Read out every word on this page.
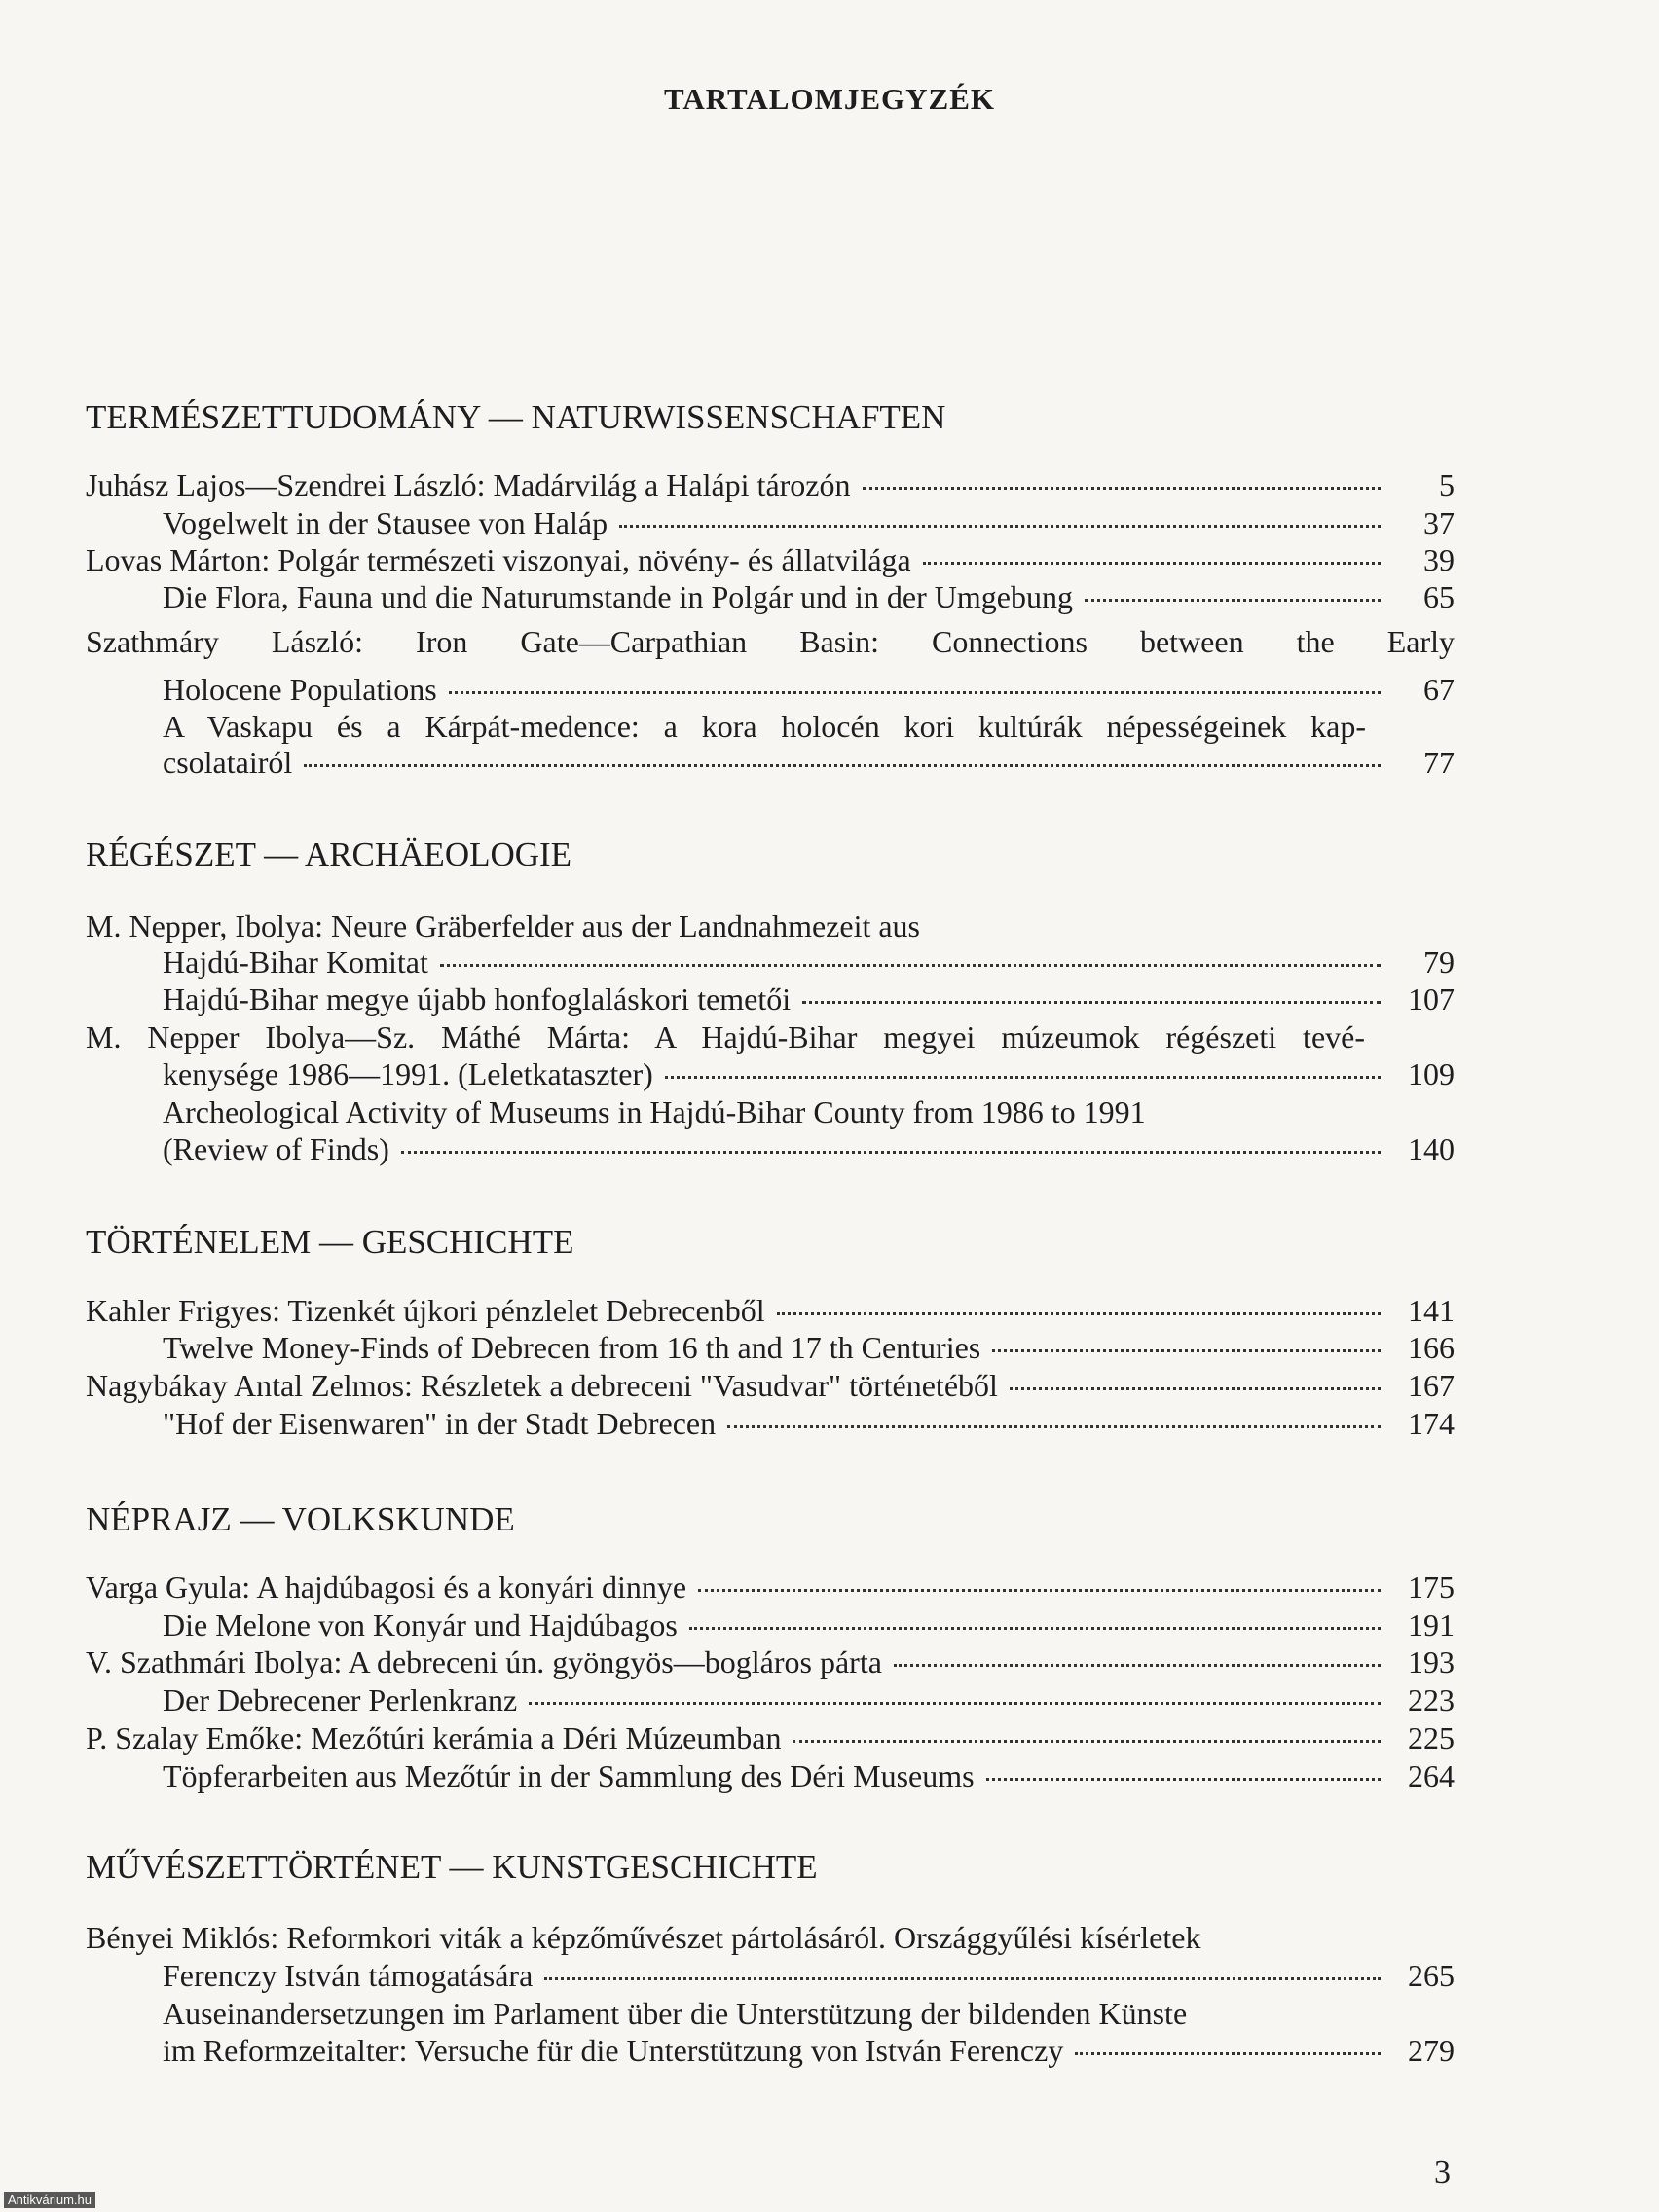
TARTALOMJEGYZÉK
TERMÉSZETTUDOMÁNY — NATURWISSENSCHAFTEN
Juhász Lajos—Szendrei László: Madárvilág a Halápi tározón	5
Vogelwelt in der Stausee von Haláp	37
Lovas Márton: Polgár természeti viszonyai, növény- és állatvilága	39
Die Flora, Fauna und die Naturumstande in Polgár und in der Umgebung	65
Szathmáry László: Iron Gate—Carpathian Basin: Connections between the Early
Holocene Populations	67
A Vaskapu és a Kárpát-medence: a kora holocén kori kultúrák népességeinek kap-
csolatairól	77
RÉGÉSZET — ARCHÄEOLOGIE
M. Nepper, Ibolya: Neure Gräberfelder aus der Landnahmezeit aus
Hajdú-Bihar Komitat	79
Hajdú-Bihar megye újabb honfoglaláskori temetői	107
M. Nepper Ibolya—Sz. Máthé Márta: A Hajdú-Bihar megyei múzeumok régészeti tevé-
kenysége 1986—1991. (Leletkataszter)	109
Archeological Activity of Museums in Hajdú-Bihar County from 1986 to 1991
(Review of Finds)	140
TÖRTÉNELEM — GESCHICHTE
Kahler Frigyes: Tizenkét újkori pénzlelet Debrecenből	141
Twelve Money-Finds of Debrecen from 16 th and 17 th Centuries	166
Nagybákay Antal Zelmos: Részletek a debreceni "Vasudvar" történetéből	167
"Hof der Eisenwaren" in der Stadt Debrecen	174
NÉPRAJZ — VOLKSKUNDE
Varga Gyula: A hajdúbagosi és a konyári dinnye	175
Die Melone von Konyár und Hajdúbagos	191
V. Szathmári Ibolya: A debreceni ún. gyöngyös—bogláros párta	193
Der Debrecener Perlenkranz	223
P. Szalay Emőke: Mezőtúri kerámia a Déri Múzeumban	225
Töpferarbeiten aus Mezőtúr in der Sammlung des Déri Museums	264
MŰVÉSZETTÖRTÉNET — KUNSTGESCHICHTE
Bényei Miklós: Reformkori viták a képzőművészet pártolásáról. Országgyűlési kísérletek
Ferenczy István támogatására	265
Auseinandersetzungen im Parlament über die Unterstützung der bildenden Künste
im Reformzeitalter: Versuche für die Unterstützung von István Ferenczy	279
3
Antikvárium.hu
